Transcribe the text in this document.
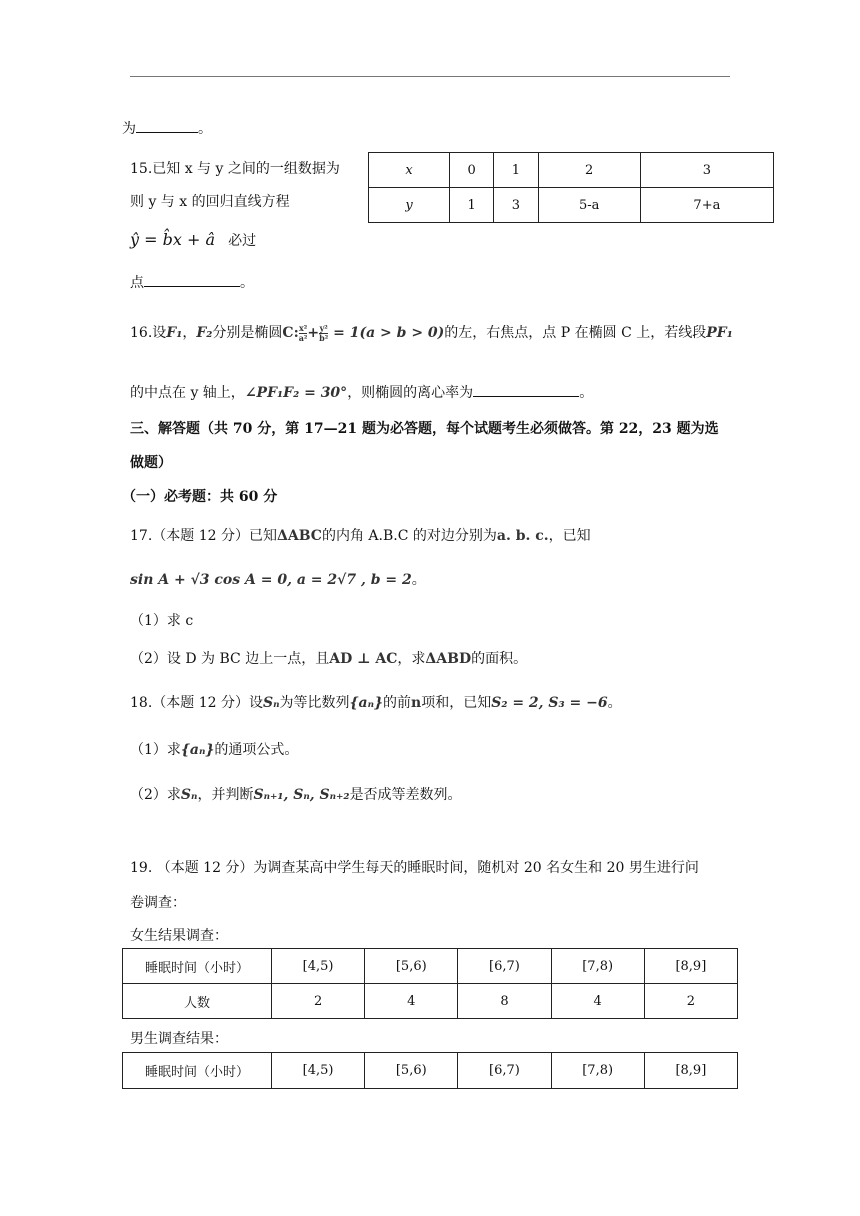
为	。
15.已知 x 与 y 之间的一组数据为
则 y 与 x 的回归直线方程
ŷ = b̂x + â 必过
点	。
x	0	1	2	3
y	1	3	5-a	7+a
16.设F₁，F₂分别是椭圆C: $\frac{\text{x²}}{\text{a²}} + \frac{\text{y²}}{\text{b²}} = 1(a > b > 0)$的左，右焦点，点 P 在椭圆 C 上，若线段PF₁
的中点在 y 轴上，∠PF₁F₂ = 30°，则椭圆的离心率为	。
三、解答题（共 70 分，第 17—21 题为必答题，每个试题考生必须做答。第 22，23 题为选
做题）
（一）必考题：共 60 分
17.（本题 12 分）已知ΔABC的内角 A.B.C 的对边分别为a. b. c.，已知
sin A + √3 cos A = 0, a = 2√7 , b = 2。
（1）求 c
（2）设 D 为 BC 边上一点，且AD ⊥ AC，求ΔABD的面积。
18.（本题 12 分）设Sₙ为等比数列{aₙ}的前n项和，已知S₂ = 2, S₃ = −6。
（1）求{aₙ}的通项公式。
（2）求Sₙ，并判断Sₙ₊₁, Sₙ, Sₙ₊₂是否成等差数列。
19. （本题 12 分）为调查某高中学生每天的睡眠时间，随机对 20 名女生和 20 男生进行问
卷调查：
女生结果调查：
睡眠时间（小时）	[4,5)	[5,6)	[6,7)	[7,8)	[8,9]
人数	2	4	8	4	2
男生调查结果：
睡眠时间（小时）	[4,5)	[5,6)	[6,7)	[7,8)	[8,9]
